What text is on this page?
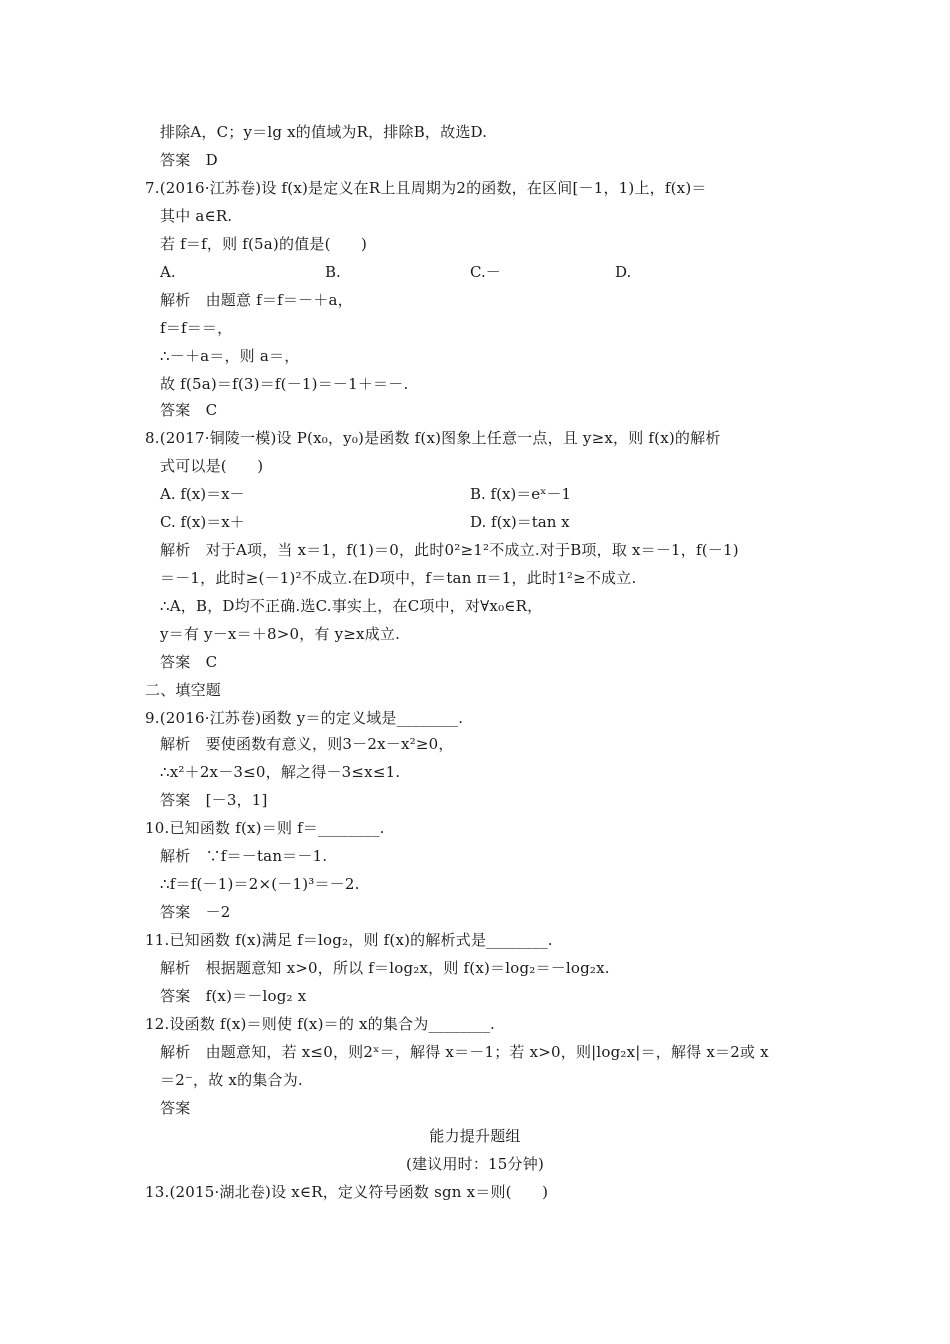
排除A，C；y＝lg x的值域为R，排除B，故选D.
答案　D
7.(2016·江苏卷)设 f(x)是定义在R上且周期为2的函数，在区间[－1，1)上，f(x)＝
其中 a∈R.
若 f＝f，则 f(5a)的值是(　　)
A.	B.	C.－	D.
解析　由题意 f＝f＝－＋a，
f＝f＝＝，
∴－＋a＝，则 a＝，
故 f(5a)＝f(3)＝f(－1)＝－1＋＝－.
答案　C
8.(2017·铜陵一模)设 P(x₀，y₀)是函数 f(x)图象上任意一点，且 y≥x，则 f(x)的解析
式可以是(　　)
A. f(x)＝x－	B. f(x)＝eˣ－1
C. f(x)＝x＋	D. f(x)＝tan x
解析　对于A项，当 x＝1，f(1)＝0，此时0²≥1²不成立.对于B项，取 x＝－1，f(－1)
＝－1，此时≥(－1)²不成立.在D项中，f＝tan π＝1，此时1²≥不成立.
∴A，B，D均不正确.选C.事实上，在C项中，对∀x₀∈R，
y＝有 y－x＝＋8>0，有 y≥x成立.
答案　C
二、填空题
9.(2016·江苏卷)函数 y＝的定义域是________.
解析　要使函数有意义，则3－2x－x²≥0，
∴x²＋2x－3≤0，解之得－3≤x≤1.
答案　[－3，1]
10.已知函数 f(x)＝则 f＝________.
解析　∵f＝－tan＝－1.
∴f＝f(－1)＝2×(－1)³＝－2.
答案　－2
11.已知函数 f(x)满足 f＝log₂，则 f(x)的解析式是________.
解析　根据题意知 x>0，所以 f＝log₂x，则 f(x)＝log₂＝－log₂x.
答案　f(x)＝－log₂ x
12.设函数 f(x)＝则使 f(x)＝的 x的集合为________.
解析　由题意知，若 x≤0，则2ˣ＝，解得 x＝－1；若 x>0，则|log₂x|＝，解得 x＝2或 x
＝2⁻，故 x的集合为.
答案
能力提升题组
(建议用时：15分钟)
13.(2015·湖北卷)设 x∈R，定义符号函数 sgn x＝则(　　)
